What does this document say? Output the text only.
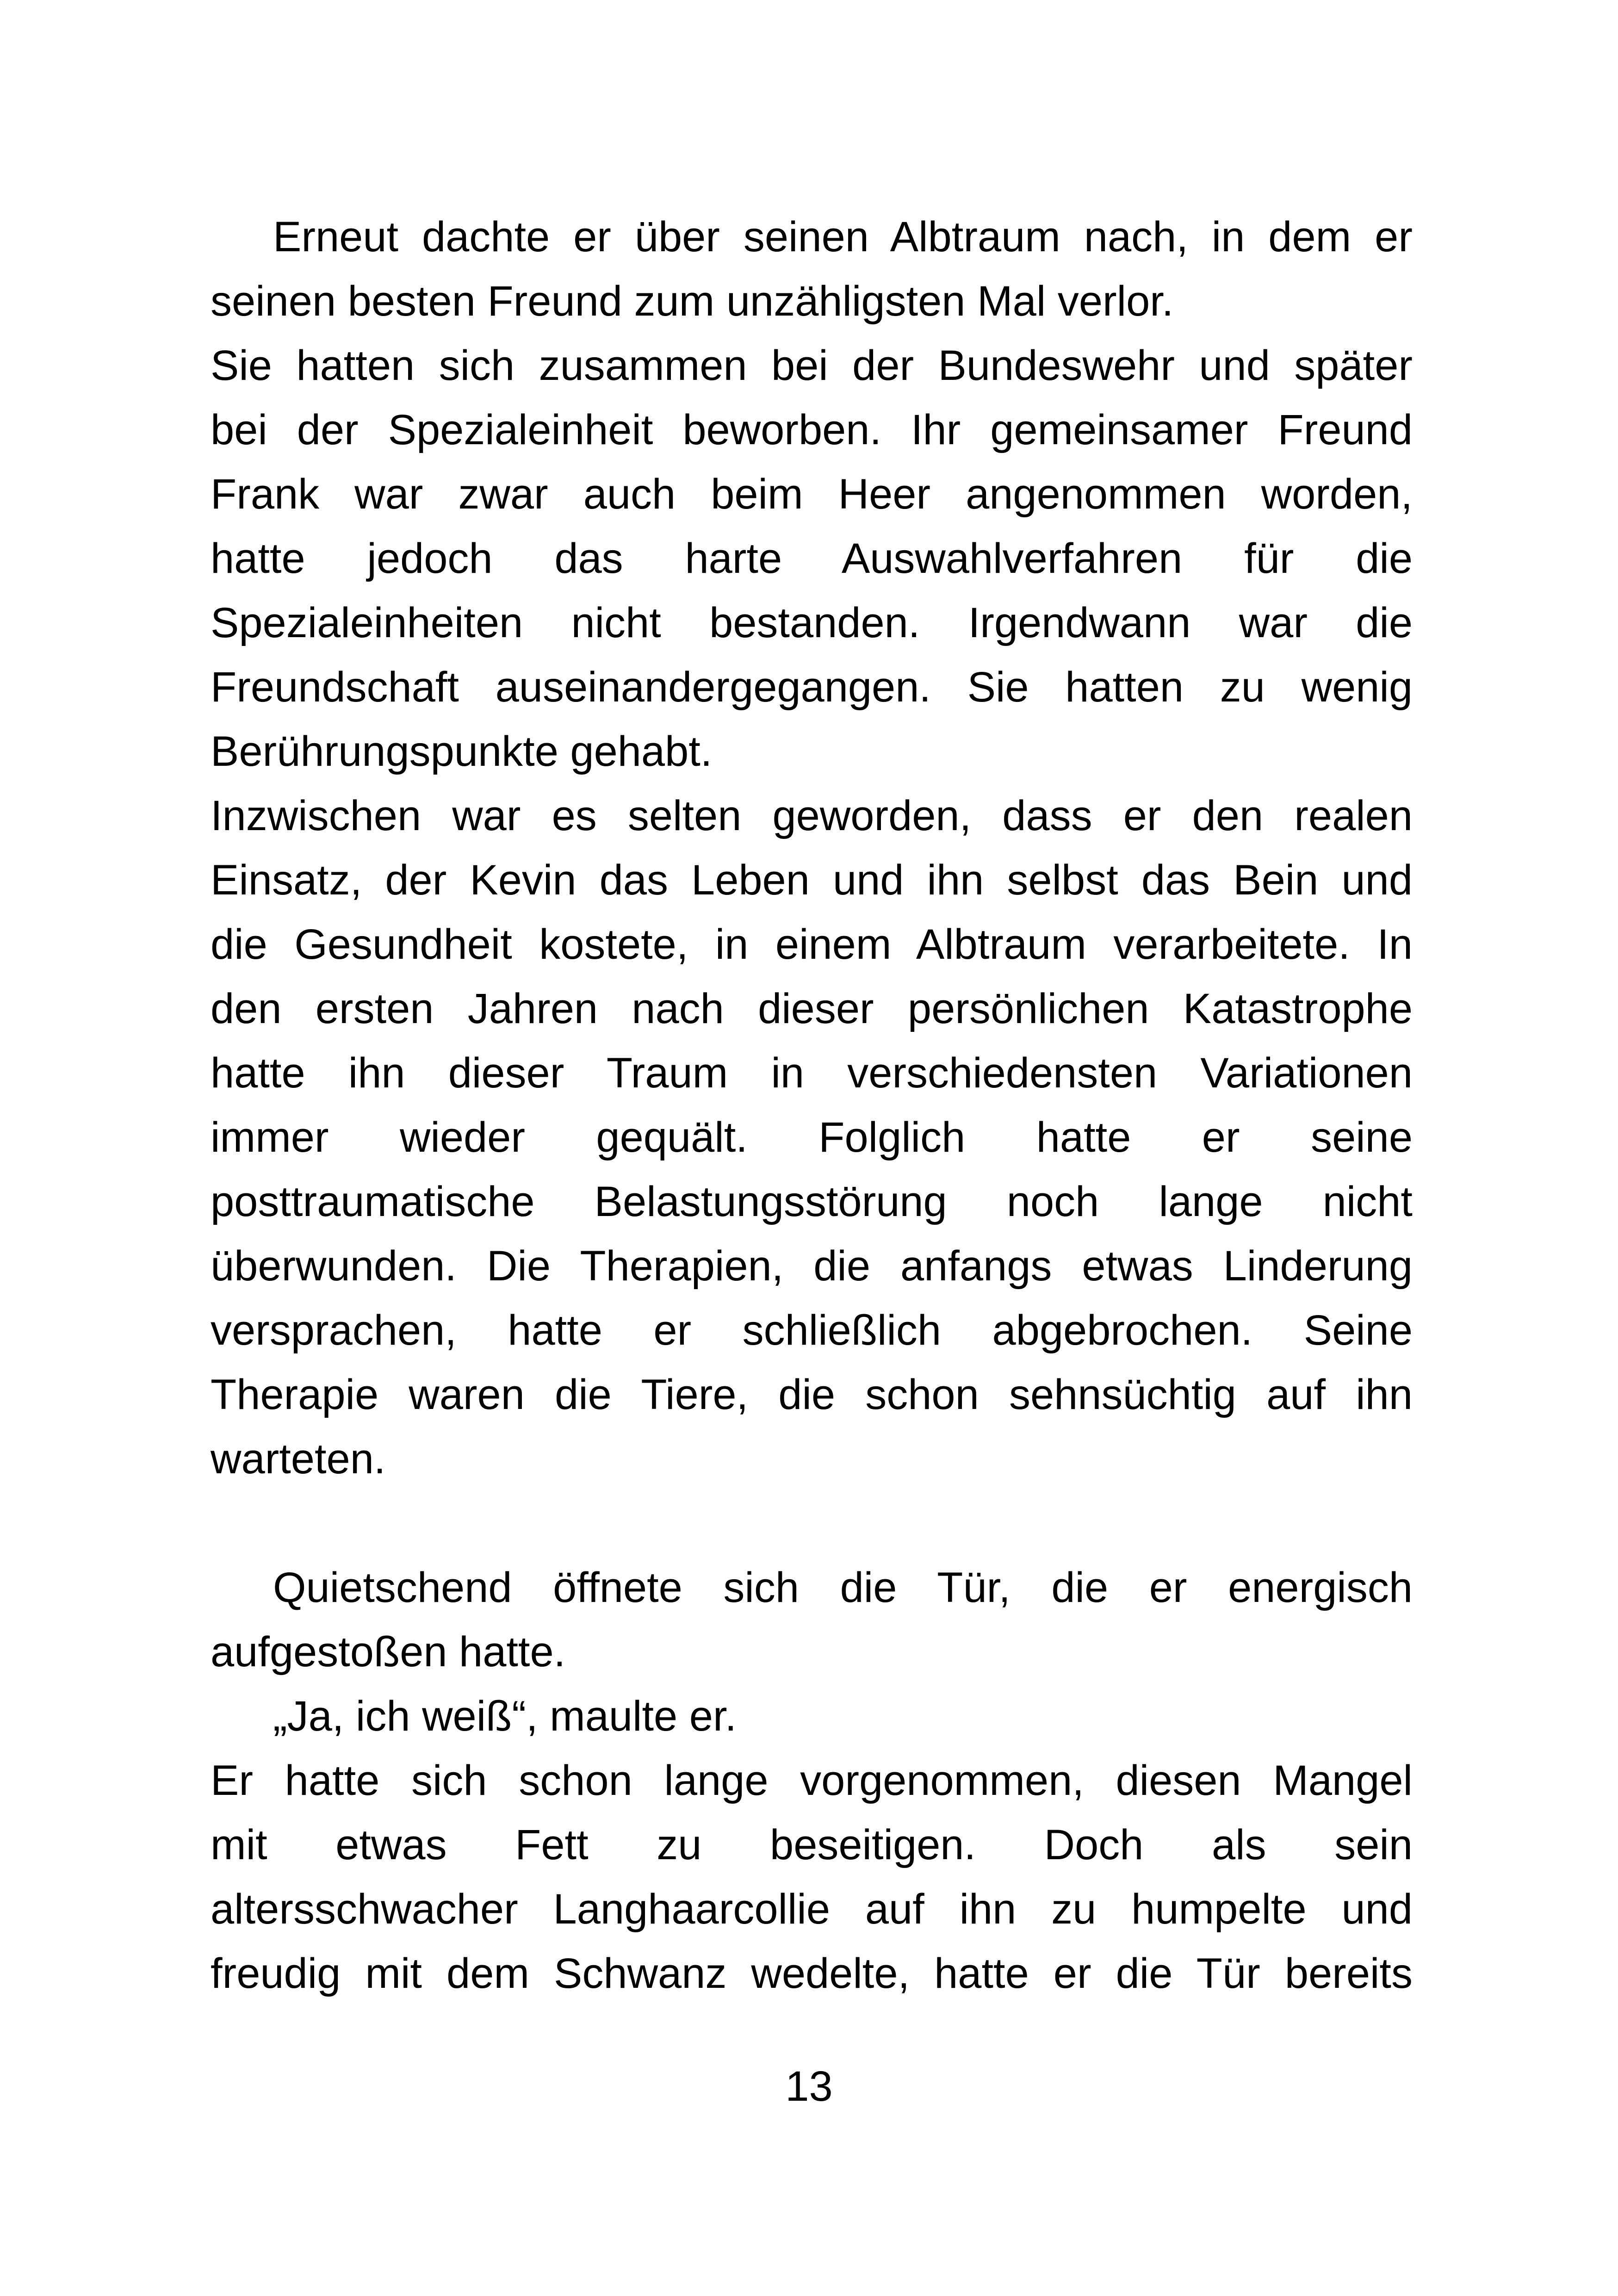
Erneut dachte er über seinen Albtraum nach, in dem er
seinen besten Freund zum unzähligsten Mal verlor.
Sie hatten sich zusammen bei der Bundeswehr und später
bei der Spezialeinheit beworben. Ihr gemeinsamer Freund
Frank war zwar auch beim Heer angenommen worden,
hatte jedoch das harte Auswahlverfahren für die
Spezialeinheiten nicht bestanden. Irgendwann war die
Freundschaft auseinandergegangen. Sie hatten zu wenig
Berührungspunkte gehabt.
Inzwischen war es selten geworden, dass er den realen
Einsatz, der Kevin das Leben und ihn selbst das Bein und
die Gesundheit kostete, in einem Albtraum verarbeitete. In
den ersten Jahren nach dieser persönlichen Katastrophe
hatte ihn dieser Traum in verschiedensten Variationen
immer wieder gequält. Folglich hatte er seine
posttraumatische Belastungsstörung noch lange nicht
überwunden. Die Therapien, die anfangs etwas Linderung
versprachen, hatte er schließlich abgebrochen. Seine
Therapie waren die Tiere, die schon sehnsüchtig auf ihn
warteten.
Quietschend öffnete sich die Tür, die er energisch
aufgestoßen hatte.
„Ja, ich weiß“, maulte er.
Er hatte sich schon lange vorgenommen, diesen Mangel
mit etwas Fett zu beseitigen. Doch als sein
altersschwacher Langhaarcollie auf ihn zu humpelte und
freudig mit dem Schwanz wedelte, hatte er die Tür bereits
13
